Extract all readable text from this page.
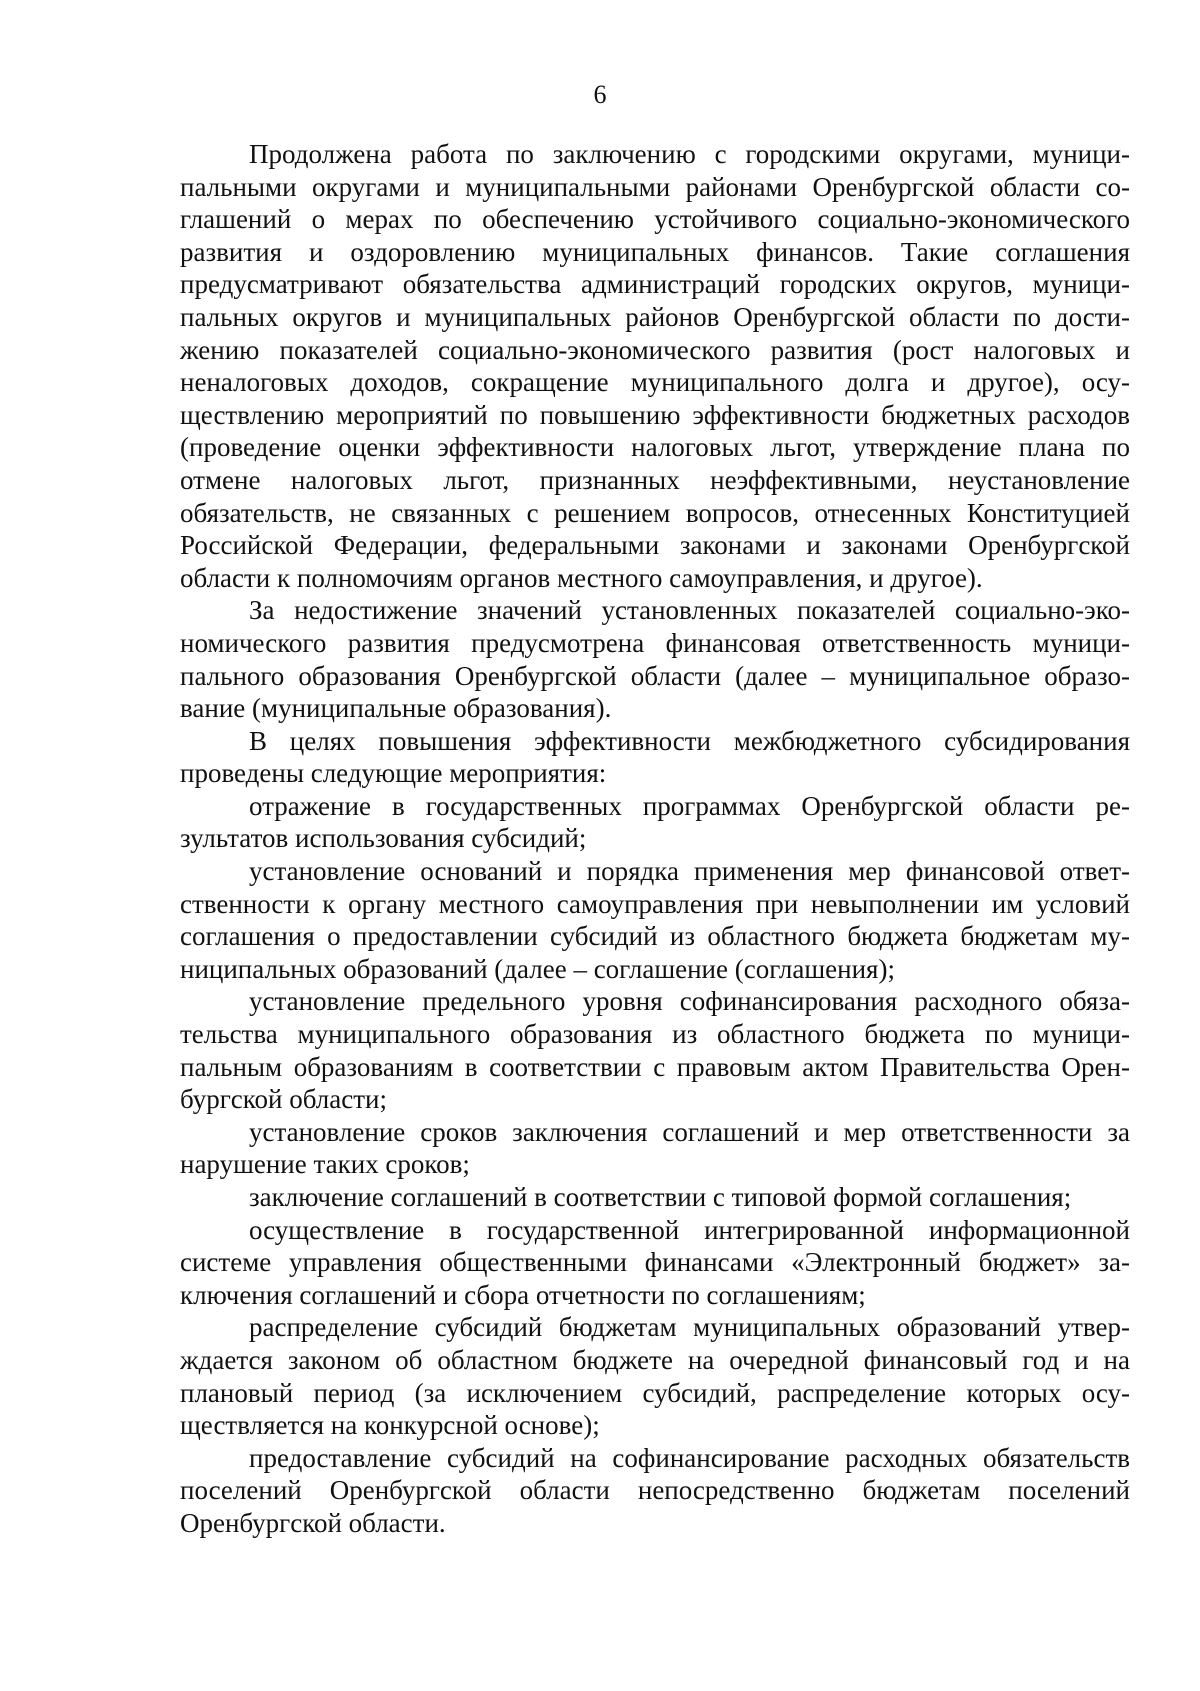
6

Продолжена работа по заключению с городскими округами, муниципальными округами и муниципальными районами Оренбургской области соглашений о мерах по обеспечению устойчивого социально-экономического развития и оздоровлению муниципальных финансов. Такие соглашения предусматривают обязательства администраций городских округов, муниципальных округов и муниципальных районов Оренбургской области по достижению показателей социально-экономического развития (рост налоговых и неналоговых доходов, сокращение муниципального долга и другое), осуществлению мероприятий по повышению эффективности бюджетных расходов (проведение оценки эффективности налоговых льгот, утверждение плана по отмене налоговых льгот, признанных неэффективными, неустановление обязательств, не связанных с решением вопросов, отнесенных Конституцией Российской Федерации, федеральными законами и законами Оренбургской области к полномочиям органов местного самоуправления, и другое).

За недостижение значений установленных показателей социально-экономического развития предусмотрена финансовая ответственность муниципального образования Оренбургской области (далее – муниципальное образование (муниципальные образования).

В целях повышения эффективности межбюджетного субсидирования проведены следующие мероприятия:

отражение в государственных программах Оренбургской области результатов использования субсидий;

установление оснований и порядка применения мер финансовой ответственности к органу местного самоуправления при невыполнении им условий соглашения о предоставлении субсидий из областного бюджета бюджетам муниципальных образований (далее – соглашение (соглашения);

установление предельного уровня софинансирования расходного обязательства муниципального образования из областного бюджета по муниципальным образованиям в соответствии с правовым актом Правительства Оренбургской области;

установление сроков заключения соглашений и мер ответственности за нарушение таких сроков;

заключение соглашений в соответствии с типовой формой соглашения;

осуществление в государственной интегрированной информационной системе управления общественными финансами «Электронный бюджет» заключения соглашений и сбора отчетности по соглашениям;

распределение субсидий бюджетам муниципальных образований утверждается законом об областном бюджете на очередной финансовый год и на плановый период (за исключением субсидий, распределение которых осуществляется на конкурсной основе);

предоставление субсидий на софинансирование расходных обязательств поселений Оренбургской области непосредственно бюджетам поселений Оренбургской области.
